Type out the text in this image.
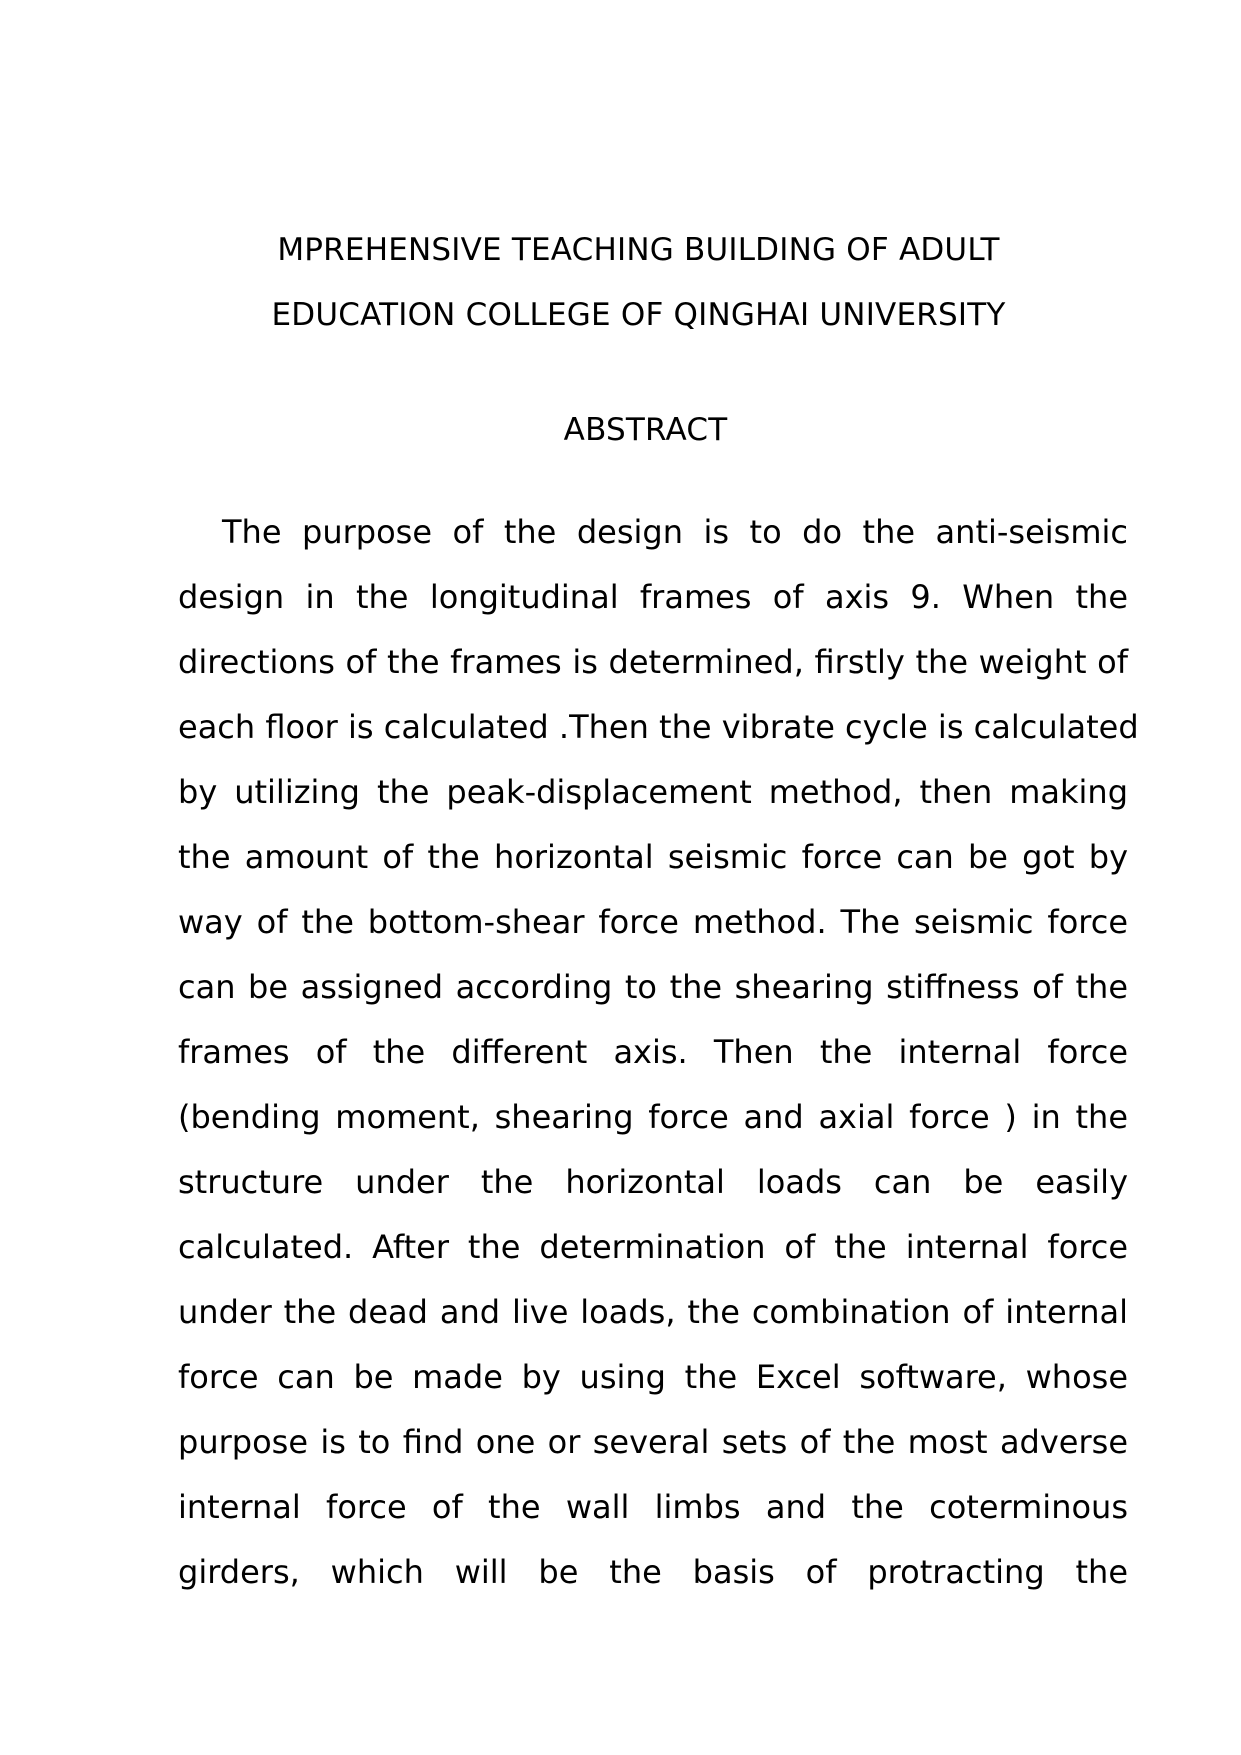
MPREHENSIVE TEACHING BUILDING OF ADULT
EDUCATION COLLEGE OF QINGHAI UNIVERSITY
ABSTRACT
The purpose of the design is to do the anti-seismic
design in the longitudinal frames of axis 9. When the
directions of the frames is determined, firstly the weight of
each floor is calculated .Then the vibrate cycle is calculated
by utilizing the peak-displacement method, then making
the amount of the horizontal seismic force can be got by
way of the bottom-shear force method. The seismic force
can be assigned according to the shearing stiffness of the
frames of the different axis. Then the internal force
(bending moment, shearing force and axial force ) in the
structure under the horizontal loads can be easily
calculated. After the determination of the internal force
under the dead and live loads, the combination of internal
force can be made by using the Excel software, whose
purpose is to find one or several sets of the most adverse
internal force of the wall limbs and the coterminous
girders, which will be the basis of protracting the
